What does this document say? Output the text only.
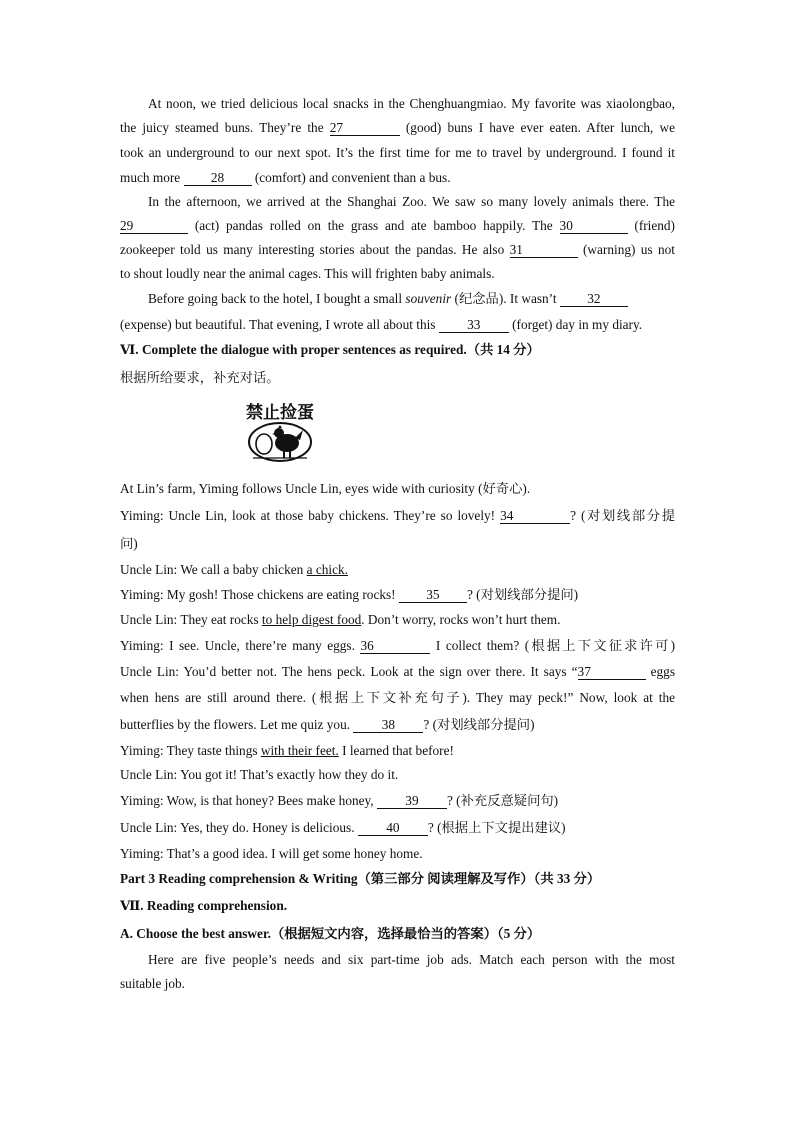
At noon, we tried delicious local snacks in the Chenghuangmiao. My favorite was xiaolongbao,
the juicy steamed buns. They’re the 27	(good) buns I have ever eaten. After lunch, we
took an underground to our next spot. It’s the first time for me to travel by underground. I found it
much more 28 (comfort) and convenient than a bus.
In the afternoon, we arrived at the Shanghai Zoo. We saw so many lovely animals there. The
29	(act) pandas rolled on the grass and ate bamboo happily. The 30	(friend)
zookeeper told us many interesting stories about the pandas. He also 31	(warning) us not
to shout loudly near the animal cages. This will frighten baby animals.
Before going back to the hotel, I bought a small souvenir (纪念品). It wasn’t 32
(expense) but beautiful. That evening, I wrote all about this 33 (forget) day in my diary.
Ⅵ. Complete the dialogue with proper sentences as required.（共 14 分）
根据所给要求，补充对话。
At Lin’s farm, Yiming follows Uncle Lin, eyes wide with curiosity (好奇心).
Yiming: Uncle Lin, look at those baby chickens. They’re so lovely! 34	? (对划线部分提
问)
Uncle Lin: We call a baby chicken a chick.
Yiming: My gosh! Those chickens are eating rocks! 35 ? (对划线部分提问)
Uncle Lin: They eat rocks to help digest food. Don’t worry, rocks won’t hurt them.
Yiming: I see. Uncle, there’re many eggs. 36	I collect them? (根据上下文征求许可)
Uncle Lin: You’d better not. The hens peck. Look at the sign over there. It says “37	eggs
when hens are still around there. (根据上下文补充句子). They may peck!” Now, look at the
butterflies by the flowers. Let me quiz you. 38 ? (对划线部分提问)
Yiming: They taste things with their feet. I learned that before!
Uncle Lin: You got it! That’s exactly how they do it.
Yiming: Wow, is that honey? Bees make honey, 39 ? (补充反意疑问句)
Uncle Lin: Yes, they do. Honey is delicious. 40 ? (根据上下文提出建议)
Yiming: That’s a good idea. I will get some honey home.
Part 3 Reading comprehension & Writing（第三部分 阅读理解及写作）（共 33 分）
Ⅶ. Reading comprehension.
A. Choose the best answer.（根据短文内容，选择最恰当的答案）（5 分）
Here are five people’s needs and six part-time job ads. Match each person with the most
suitable job.
禁止捡蛋
